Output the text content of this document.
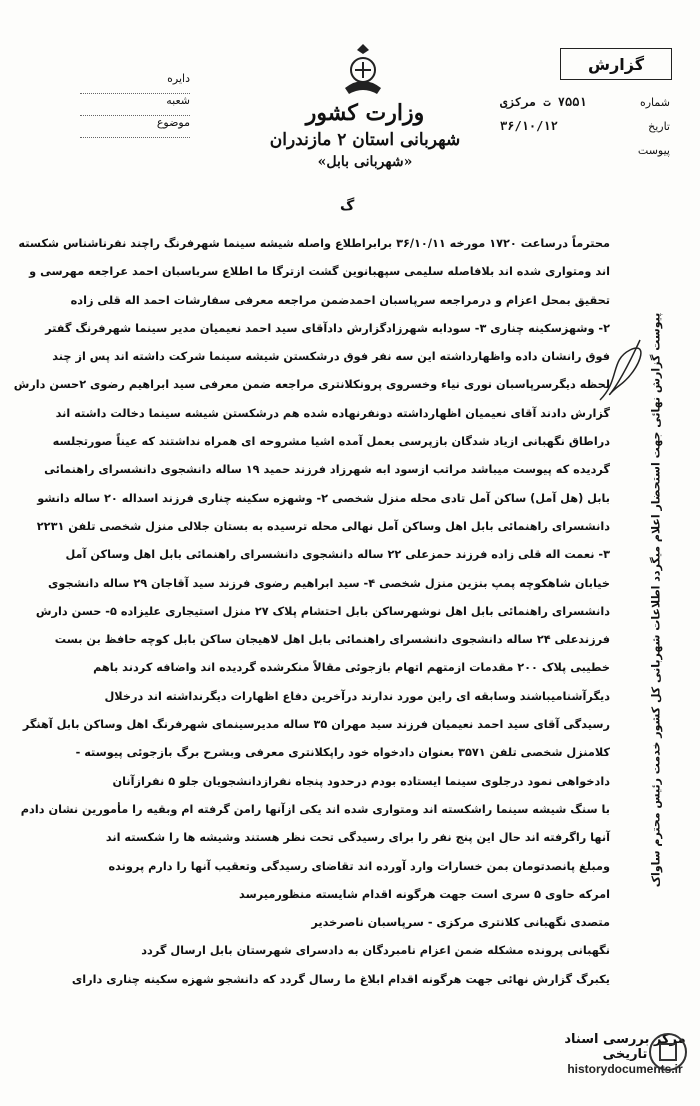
دایره
شعبه
موضوع	وزارت کشور
شهربانی استان ۲ مازندران
«شهربانی بابل»
گزارش
شماره
۷۵۵۱ ت مرکزی
تاریخ
۳۶/۱۰/۱۲
پیوست
گ
محترماً درساعت ۱۷۲۰ مورخه ۳۶/۱۰/۱۱ برابراطلاع واصله شیشه سینما شهرفرنگ راچند نفرناشناس شکسته
اند ومتواری شده اند بلافاصله سلیمی سپهبانوین گشت ازترگا ما اطلاع سرباسبان احمد عراجعه مهرسی و
تحقیق بمحل اعزام و درمراجعه سرپاسبان احمدضمن مراجعه معرفی سفارشات احمد اله قلی زاده
۲- وشهزسکینه چناری ۳- سودابه شهرزادگزارش دادآقای سید احمد نعیمیان مدیر سینما شهرفرنگ گفتر
فوق رانشان داده واظهارداشته این سه نفر فوق درشکستن شیشه سینما شرکت داشته اند پس از چند
لحظه دیگرسرپاسبان نوری نیاء وخسروی پرونکلانتری مراجعه ضمن معرفی سید ابراهیم رضوی ۲حسن دارش
گزارش دادند آقای نعیمیان اظهارداشته دونفرنهاده شده هم درشکستن شیشه سینما دخالت داشته اند
دراطاق نگهبانی ازیاد شدگان بازپرسی بعمل آمده اشیا مشروحه ای همراه نداشتند که عیناً صورتجلسه
گردیده که پیوست میباشد مراتب ازسود ابه شهرزاد فرزند حمید ۱۹ ساله دانشجوی دانشسرای راهنمائی
بابل (هل آمل) ساکن آمل تادی محله منزل شخصی ۲- وشهزه سکینه چناری فرزند اسداله ۲۰ ساله دانشو
دانشسرای راهنمائی بابل اهل وساکن آمل نهالی محله ترسیده به بستان جلالی منزل شخصی تلفن ۲۲۳۱
۳- نعمت اله قلی زاده فرزند حمزعلی ۲۲ ساله دانشجوی دانشسرای راهنمائی بابل اهل وساکن آمل
خیابان شاهکوچه پمپ بنزین منزل شخصی ۴- سید ابراهیم رضوی فرزند سید آقاجان ۲۹ ساله دانشجوی
دانشسرای راهنمائی بابل اهل نوشهرساکن بابل احتشام پلاک ۲۷ منزل استیجاری علیزاده ۵- حسن دارش
فرزندعلی ۲۴ ساله دانشجوی دانشسرای راهنمائی بابل اهل لاهیجان ساکن بابل کوچه حافظ بن بست
خطیبی پلاک ۲۰۰ مقدمات ازمتهم اتهام بازجوئی مقالاً منکرشده گردیده اند واضافه کردند باهم
دیگرآشنامیباشند وسابقه ای راین مورد ندارند درآخرین دفاع اظهارات دیگرنداشته اند درخلال
رسیدگی آقای سید احمد نعیمیان فرزند سید مهران ۳۵ ساله مدیرسینمای شهرفرنگ اهل وساکن بابل آهنگر
کلامنزل شخصی تلفن ۳۵۷۱ بعنوان دادخواه خود راپکلانتری معرفی وبشرح برگ بازجوئی پیوسته -
دادخواهی نمود درجلوی سینما ایستاده بودم درحدود پنجاه نفرازدانشجویان جلو ۵ نفرازآنان
با سنگ شیشه سینما راشکسته اند ومتواری شده اند یکی ازآنها رامن گرفته ام وبقیه را مأمورین نشان دادم
آنها راگرفته اند حال این پنج نفر را برای رسیدگی تحت نظر هستند وشیشه ها را شکسته اند
ومبلغ پانصدتومان بمن خسارات وارد آورده اند تقاضای رسیدگی وتعقیب آنها را دارم پرونده
امرکه حاوی ۵ سری است جهت هرگونه اقدام شایسته منظورمیرسد
متصدی نگهبانی کلانتری مرکزی - سرپاسبان ناصرخدیر
نگهبانی پرونده مشکله ضمن اعزام نامبردگان به دادسرای شهرستان بابل ارسال گردد
یکبرگ گزارش نهائی جهت هرگونه اقدام ابلاغ ما رسال گردد که دانشجو شهزه سکینه چناری دارای
پیوست گزارش نهائی جهت استحضار اعلام میگردد اطلاعات شهربانی کل کشور خدمت رئیس محترم ساواک
مرکز بررسی اسناد تاریخی
historydocuments.ir
